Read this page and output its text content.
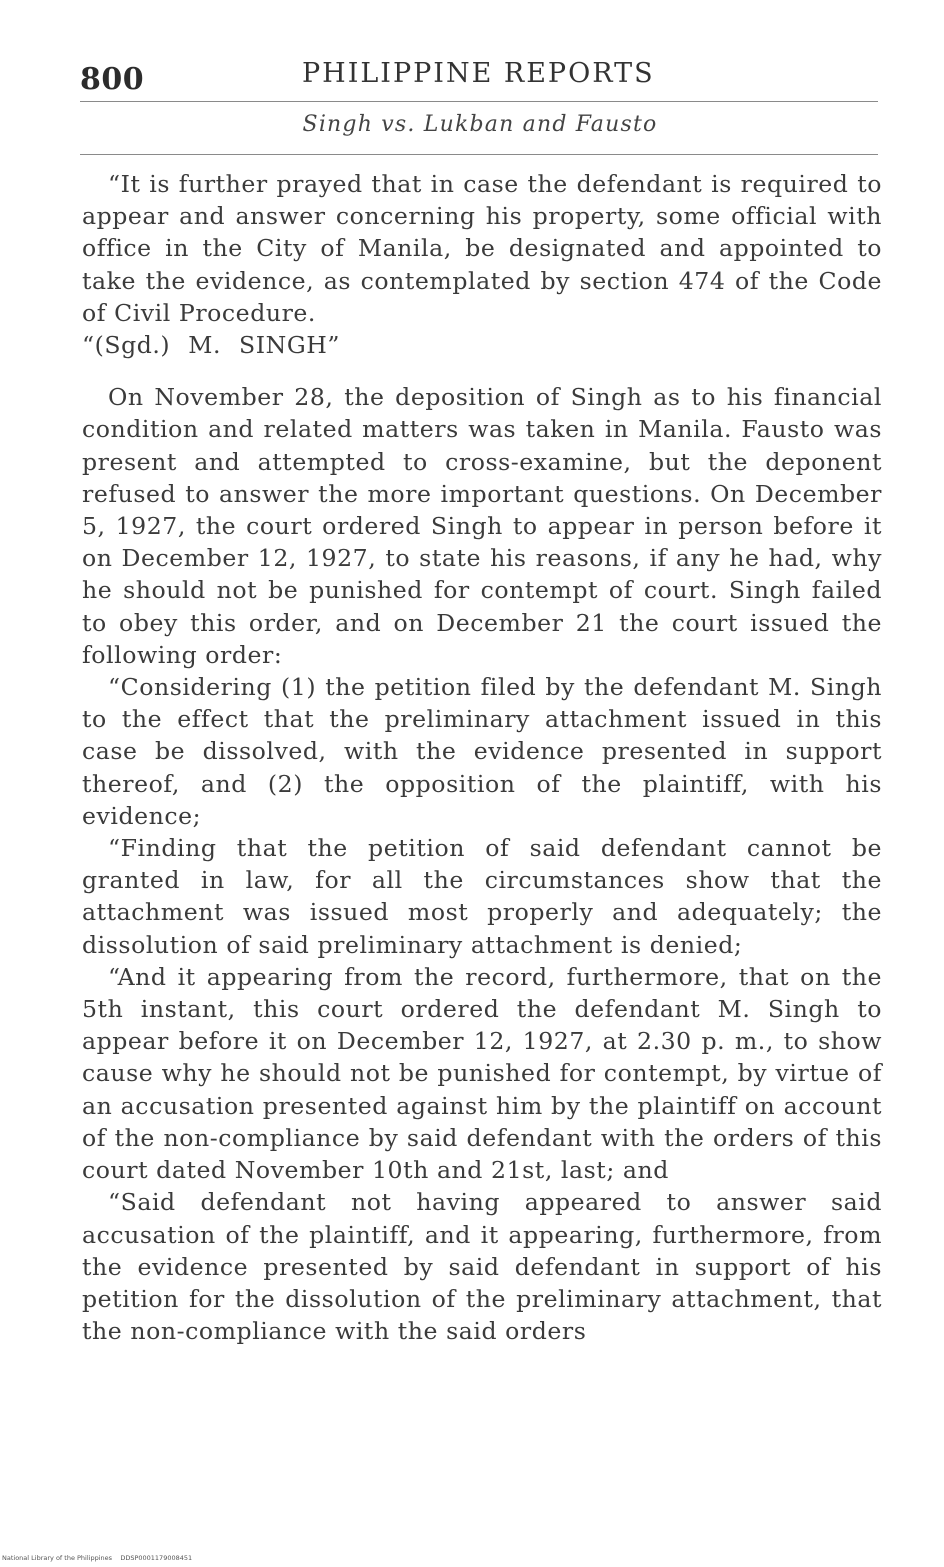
800	PHILIPPINE REPORTS
Singh vs. Lukban and Fausto

“It is further prayed that in case the defendant is required to appear and answer concerning his property, some official with office in the City of Manila, be designated and appointed to take the evidence, as contemplated by section 474 of the Code of Civil Procedure.

“(Sgd.) M. SINGH”

On November 28, the deposition of Singh as to his financial condition and related matters was taken in Manila. Fausto was present and attempted to cross-examine, but the deponent refused to answer the more important questions. On December 5, 1927, the court ordered Singh to appear in person before it on December 12, 1927, to state his reasons, if any he had, why he should not be punished for contempt of court. Singh failed to obey this order, and on December 21 the court issued the following order:

“Considering (1) the petition filed by the defendant M. Singh to the effect that the preliminary attachment issued in this case be dissolved, with the evidence presented in support thereof, and (2) the opposition of the plaintiff, with his evidence;

“Finding that the petition of said defendant cannot be granted in law, for all the circumstances show that the attachment was issued most properly and adequately; the dissolution of said preliminary attachment is denied;

“And it appearing from the record, furthermore, that on the 5th instant, this court ordered the defendant M. Singh to appear before it on December 12, 1927, at 2.30 p. m., to show cause why he should not be punished for contempt, by virtue of an accusation presented against him by the plaintiff on account of the non-compliance by said defendant with the orders of this court dated November 10th and 21st, last; and

“Said defendant not having appeared to answer said accusation of the plaintiff, and it appearing, furthermore, from the evidence presented by said defendant in support of his petition for the dissolution of the preliminary attachment, that the non-compliance with the said orders

National Library of the Philippines DDSP0001179008451
